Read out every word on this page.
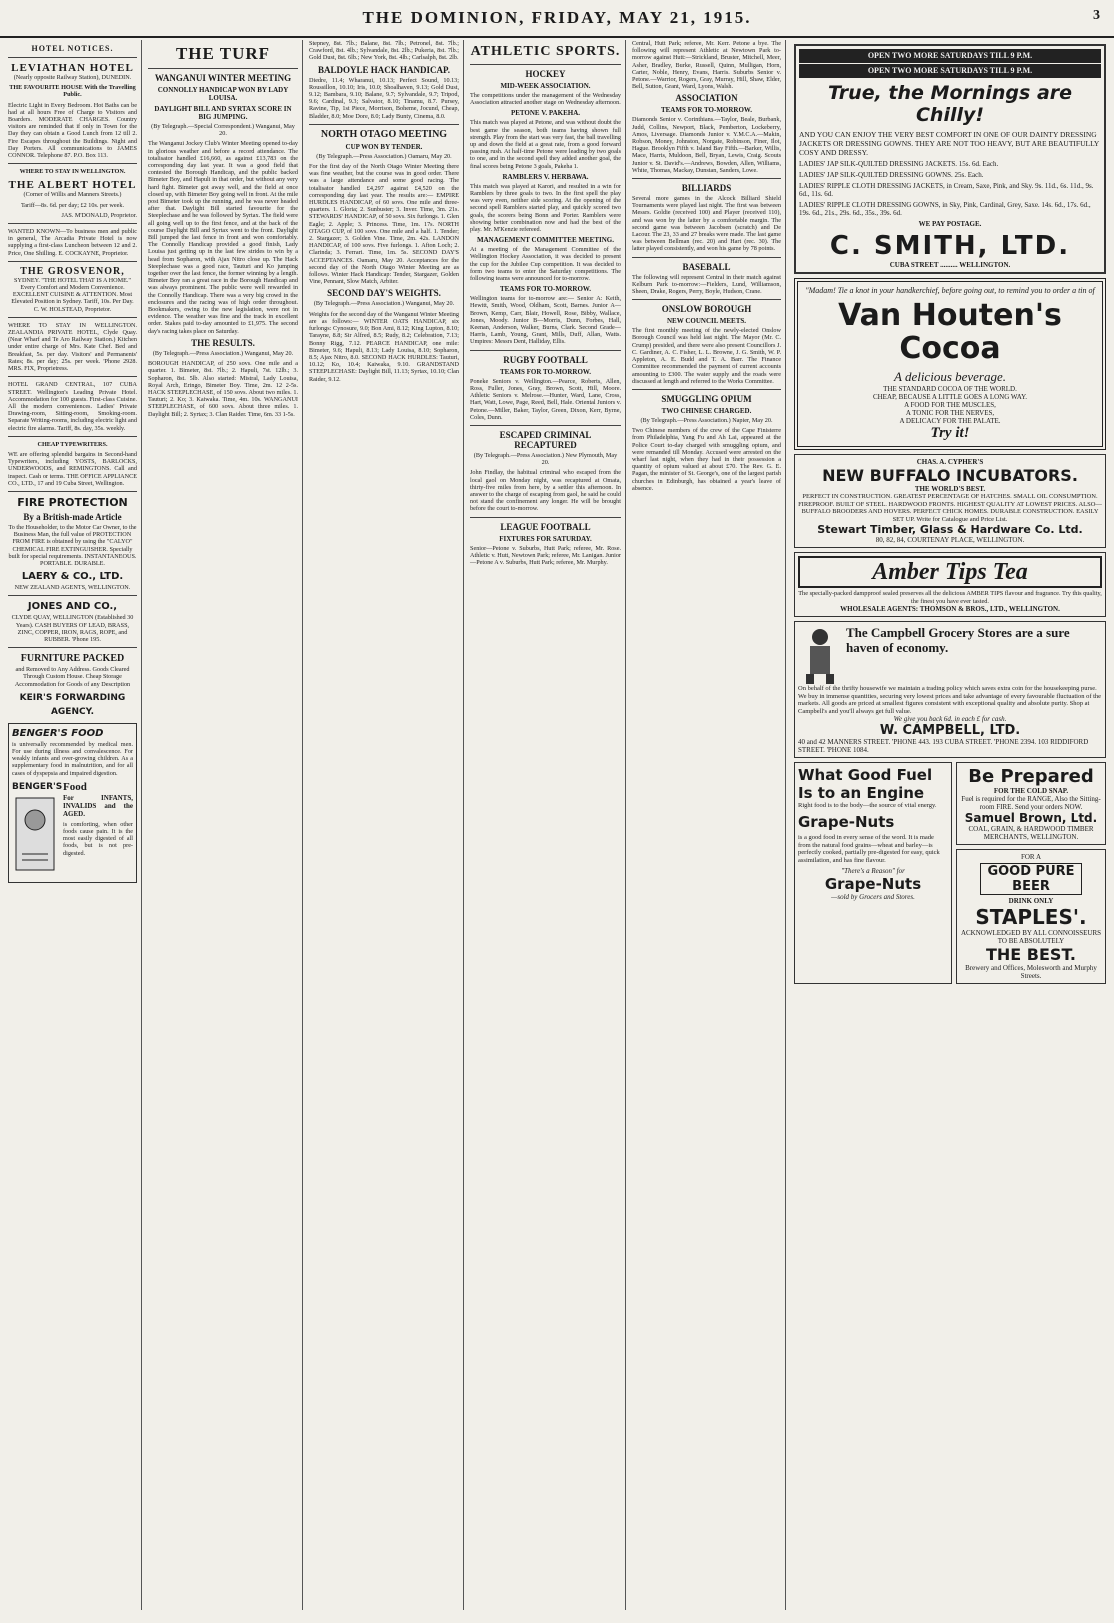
THE DOMINION, FRIDAY, MAY 21, 1915.	3
HOTEL NOTICES.
LEVIATHAN HOTEL
(Nearly opposite Railway Station), DUNEDIN.
THE FAVOURITE HOUSE With the Travelling Public.
Electric Light in Every Bedroom. Hot Baths can be had at all hours Free of Charge to Visitors and Boarders. MODERATE CHARGES. Country visitors are reminded that if only in Town for the Day they can obtain a Good Lunch from 12 till 2. Fire Escapes throughout the Buildings. Night and Day Porters. All communications to JAMES CONNOR. Telephone 87. P.O. Box 113.
WHERE TO STAY IN WELLINGTON.
THE ALBERT HOTEL
(Corner of Willis and Manners Streets.)
Tariff—8s. 6d. per day; £2 10s. per week.
JAS. M'DONALD, Proprietor.
WANTED KNOWN—To business men and public in general, The Arcadia Private Hotel is now supplying a first-class Luncheon between 12 and 2. Price, One Shilling. E. COCKAYNE, Proprietor.
THE GROSVENOR,
SYDNEY. "THE HOTEL THAT IS A HOME." Every Comfort and Modern Convenience. EXCELLENT CUISINE & ATTENTION. Most Elevated Position in Sydney. Tariff, 10s. Per Day. C. W. HOLSTEAD, Proprietor.
WHERE TO STAY IN WELLINGTON. ZEALANDIA PRIVATE HOTEL, Clyde Quay. (Near Wharf and Te Aro Railway Station.) Kitchen under entire charge of Mrs. Kate Chef. Bed and Breakfast, 5s. per day. Visitors' and Permanents' Rates; 8s. per day; 25s. per week. 'Phone 2928. MRS. FIX, Proprietress.
HOTEL GRAND CENTRAL, 107 CUBA STREET. Wellington's Leading Private Hotel. Accommodation for 100 guests. First-class Cuisine. All the modern conveniences. Ladies' Private Drawing-room, Sitting-room, Smoking-room. Separate Writing-rooms, including electric light and electric fire alarms. Tariff, 8s. day, 35s. weekly.
CHEAP TYPEWRITERS.
WE are offering splendid bargains in Second-hand Typewriters, including YOSTS, BARLOCKS, UNDERWOODS, and REMINGTONS. Call and inspect. Cash or terms. THE OFFICE APPLIANCE CO., LTD., 17 and 19 Cuba Street, Wellington.
FIRE PROTECTION
By a British-made Article
To the Householder, to the Motor Car Owner, to the Business Man, the full value of PROTECTION FROM FIRE is obtained by using the "CALYO" CHEMICAL FIRE EXTINGUISHER. Specially built for special requirements. INSTANTANEOUS. PORTABLE. DURABLE.
LAERY & CO., LTD.
NEW ZEALAND AGENTS, WELLINGTON.
JONES AND CO.,
CLYDE QUAY, WELLINGTON (Established 30 Years). CASH BUYERS OF LEAD, BRASS, ZINC, COPPER, IRON, RAGS, ROPE, and RUBBER. 'Phone 195.
FURNITURE PACKED
and Removed to Any Address. Goods Cleared Through Custom House. Cheap Storage Accommodation for Goods of any Description
KEIR'S FORWARDING AGENCY.
BENGER'S FOOD
is universally recommended by medical men. For use during illness and convalescence. For weakly infants and over-growing children. As a supplementary food in malnutrition, and for all cases of dyspepsia and impaired digestion.
BENGER'S Food
For INFANTS, INVALIDS and the AGED.
is comforting, when other foods cause pain. It is the most easily digested of all foods, but is not pre-digested.
THE TURF
WANGANUI WINTER MEETING
CONNOLLY HANDICAP WON BY LADY LOUISA.
DAYLIGHT BILL AND SYRTAX SCORE IN BIG JUMPING.
(By Telegraph.—Special Correspondent.) Wanganui, May 20.
The Wanganui Jockey Club's Winter Meeting opened to-day in glorious weather and before a record attendance. The totalisator handled £16,660, as against £13,783 on the corresponding day last year. It was a good field that contested the Borough Handicap, and the public backed Bimeter Boy, and Hapuli in that order, but without any very hard fight. Bimeter got away well, and the field at once closed up, with Bimeter Boy going well in front. At the mile post Bimeter took up the running, and he was never headed after that. Daylight Bill started favourite for the Steeplechase and he was followed by Syrtax. The field were all going well up to the first fence, and at the back of the course Daylight Bill and Syrtax went to the front. Daylight Bill jumped the last fence in front and won comfortably. The Connolly Handicap provided a good finish, Lady Louisa just getting up in the last few strides to win by a head from Sopharon, with Ajax Nitro close up. The Hack Steeplechase was a good race, Tauturi and Ko jumping together over the last fence, the former winning by a length. Bimeter Boy ran a great race in the Borough Handicap and was always prominent. The public were well rewarded in the Connolly Handicap. There was a very big crowd in the enclosures and the racing was of high order throughout. Bookmakers, owing to the new legislation, were not in evidence. The weather was fine and the track in excellent order. Stakes paid to-day amounted to £1,975. The second day's racing takes place on Saturday.
THE RESULTS.
(By Telegraph.—Press Association.) Wanganui, May 20.
BOROUGH HANDICAP, of 250 sovs. One mile and a quarter. 1. Bimeter, 8st. 7lb.; 2. Hapuli, 7st. 12lb.; 3. Sopharon, 8st. 5lb. Also started: Mistral, Lady Louisa, Royal Arch, Eringo, Bimeter Boy. Time, 2m. 12 2-5s. HACK STEEPLECHASE, of 150 sovs. About two miles. 1. Tauturi; 2. Ko; 3. Kaiwaka. Time, 4m. 10s. WANGANUI STEEPLECHASE, of 600 sovs. About three miles. 1. Daylight Bill; 2. Syrtax; 3. Clan Raider. Time, 6m. 33 1-5s.
Stepney, 8st. 7lb.; Balane, 8st. 7lb.; Petronel, 8st. 7lb.; Crawford, 8st. 4lb.; Sylvandale, 8st. 2lb.; Pukeria, 8st. 7lb.; Gold Dust, 8st. 6lb.; New York, 8st. 4lb.; Carlsalph, 8st. 2lb.
BALDOYLE HACK HANDICAP.
Diedre, 11.4; Wharanui, 10.13; Perfect Sound, 10.13; Roussillon, 10.10; Iris, 10.0; Shoalhaven, 9.13; Gold Dust, 9.12; Bambara, 9.10; Balane, 9.7; Sylvandale, 9.7; Tripod, 9.6; Cardinal, 9.3; Salvator, 8.10; Tinamu, 8.7. Pursey, Ravine, Tip, 1st Piece, Morrison, Boheme, Jocund, Cheap, Bladder, 8.0; Moe Dore, 8.0; Lady Bunty, Cinema, 8.0.
NORTH OTAGO MEETING
CUP WON BY TENDER.
(By Telegraph.—Press Association.) Oamaru, May 20.
For the first day of the North Otago Winter Meeting there was fine weather, but the course was in good order. There was a large attendance and some good racing. The totalisator handled £4,297 against £4,520 on the corresponding day last year. The results are:— EMPIRE HURDLES HANDICAP, of 60 sovs. One mile and three-quarters. 1. Gloria; 2. Sunbuster; 3. Inver. Time, 3m. 21s. STEWARDS' HANDICAP, of 50 sovs. Six furlongs. 1. Glen Eagle; 2. Apple; 3. Princess. Time, 1m. 17s. NORTH OTAGO CUP, of 100 sovs. One mile and a half. 1. Tender; 2. Stargazer; 3. Golden Vine. Time, 2m. 42s. LANDON HANDICAP, of 100 sovs. Five furlongs. 1. Afton Loch; 2. Clarinda; 3. Ferrari. Time, 1m. 5s. SECOND DAY'S ACCEPTANCES. Oamaru, May 20. Acceptances for the second day of the North Otago Winter Meeting are as follows. Winter Hack Handicap: Tender, Stargazer, Golden Vine, Pennant, Slow Match, Arbiter.
SECOND DAY'S WEIGHTS.
(By Telegraph.—Press Association.) Wanganui, May 20.
Weights for the second day of the Wanganui Winter Meeting are as follows:— WINTER OATS HANDICAP, six furlongs: Cynosure, 9.0; Bon Ami, 8.12; King Lupton, 8.10; Tarayne, 8.8; Sir Alfred, 8.5; Rudy, 8.2; Celebration, 7.13; Bonny Rigg, 7.12. PEARCE HANDICAP, one mile: Bimeter, 9.6; Hapuli, 8.13; Lady Louisa, 8.10; Sopharon, 8.5; Ajax Nitro, 8.0. SECOND HACK HURDLES: Tauturi, 10.12; Ko, 10.4; Kaiwaka, 9.10. GRANDSTAND STEEPLECHASE: Daylight Bill, 11.13; Syrtax, 10.10; Clan Raider, 9.12.
ATHLETIC SPORTS.
HOCKEY
MID-WEEK ASSOCIATION.
The competitions under the management of the Wednesday Association attracted another stage on Wednesday afternoon.
PETONE V. PAKEHA.
This match was played at Petone, and was without doubt the best game the season, both teams having shown full strength. Play from the start was very fast, the ball travelling up and down the field at a great rate, from a good forward passing rush. At half-time Petone were leading by two goals to one, and in the second spell they added another goal, the final scores being Petone 3 goals, Pakeha 1.
RAMBLERS V. HERBAWA.
This match was played at Karori, and resulted in a win for Ramblers by three goals to two. In the first spell the play was very even, neither side scoring. At the opening of the second spell Ramblers started play, and quickly scored two goals, the scorers being Bonn and Porter. Ramblers were showing better combination now and had the best of the play. Mr. M'Kenzie refereed.
MANAGEMENT COMMITTEE MEETING.
At a meeting of the Management Committee of the Wellington Hockey Association, it was decided to present the cup for the Jubilee Cup competition. It was decided to form two teams to enter the Saturday competitions. The following teams were announced for to-morrow.
TEAMS FOR TO-MORROW.
Wellington teams for to-morrow are:— Senior A: Keith, Hewitt, Smith, Wood, Oldham, Scott, Barnes. Junior A—Brown, Kemp, Carr, Blair, Howell, Rose, Bibby, Wallace, Jones, Moody. Junior B—Morris, Dunn, Forbes, Hall, Keenan, Anderson, Walker, Burns, Clark. Second Grade—Harris, Lamb, Young, Grant, Mills, Duff, Allan, Watts. Umpires: Messrs Dent, Halliday, Ellis.
RUGBY FOOTBALL
TEAMS FOR TO-MORROW.
Poneke Seniors v. Wellington.—Pearce, Roberts, Allen, Ross, Fuller, Jones, Gray, Brown, Scott, Hill, Moore. Athletic Seniors v. Melrose.—Hunter, Ward, Lane, Cross, Hart, Watt, Lowe, Page, Reed, Bell, Hale. Oriental Juniors v. Petone.—Miller, Baker, Taylor, Green, Dixon, Kerr, Byrne, Coles, Dunn.
ESCAPED CRIMINAL RECAPTURED
(By Telegraph.—Press Association.) New Plymouth, May 20.
John Findlay, the habitual criminal who escaped from the local gaol on Monday night, was recaptured at Omata, thirty-five miles from here, by a settler this afternoon. In answer to the charge of escaping from gaol, he said he could not stand the confinement any longer. He will be brought before the court to-morrow.
LEAGUE FOOTBALL
FIXTURES FOR SATURDAY.
Senior—Petone v. Suburbs, Hutt Park; referee, Mr. Rose. Athletic v. Hutt, Newtown Park; referee, Mr. Lanigan. Junior—Petone A v. Suburbs, Hutt Park; referee, Mr. Murphy.
Central, Hutt Park; referee, Mr. Kerr. Petone a bye. The following will represent Athletic at Newtown Park to-morrow against Hutt:—Strickland, Bruster, Mitchell, Meer, Asher, Bradley, Burke, Russell, Quinn, Mulligan, Horn, Carter, Noble, Henry, Evans, Harris. Suburbs Senior v. Petone.—Warrior, Rogers, Gray, Murray, Hill, Shaw, Elder, Bell, Sutton, Grant, Ward, Lyons, Walsh.
ASSOCIATION
TEAMS FOR TO-MORROW.
Diamonds Senior v. Corinthians.—Taylor, Beale, Burbank, Judd, Collins, Newport, Black, Pemberton, Lockeberry, Amos, Liversage. Diamonds Junior v. Y.M.C.A.—Makin, Robson, Money, Johnston, Norgate, Robinson, Finer, Ilot, Hague. Brooklyn Fifth v. Island Bay Fifth.—Barker, Willis, Mace, Harris, Muldoon, Bell, Bryan, Lewis, Craig. Scouts Junior v. St. David's.—Andrews, Bowden, Allen, Williams, White, Thomas, Mackay, Dunstan, Sanders, Lowe.
BILLIARDS
Several more games in the Alcock Billiard Shield Tournaments were played last night. The first was between Messrs. Goldie (received 100) and Player (received 110), and was won by the latter by a comfortable margin. The second game was between Jacobsen (scratch) and De Lacour. The 23, 33 and 27 breaks were made. The last game was between Bellman (rec. 20) and Hart (rec. 30). The latter played consistently, and won his game by 78 points.
BASEBALL
The following will represent Central in their match against Kelburn Park to-morrow:—Fielders, Lund, Williamson, Sheen, Drake, Rogers, Perry, Boyle, Hudson, Crane.
ONSLOW BOROUGH
NEW COUNCIL MEETS.
The first monthly meeting of the newly-elected Onslow Borough Council was held last night. The Mayor (Mr. C. Crump) presided, and there were also present Councillors J. C. Gardiner, A. C. Fisher, L. L. Browne, J. G. Smith, W. P. Appleton, A. E. Budd and T. A. Barr. The Finance Committee recommended the payment of current accounts amounting to £300. The water supply and the roads were discussed at length and referred to the Works Committee.
SMUGGLING OPIUM
TWO CHINESE CHARGED.
(By Telegraph.—Press Association.) Napier, May 20.
Two Chinese members of the crew of the Cape Finisterre from Philadelphia, Yang Fu and Ah Lai, appeared at the Police Court to-day charged with smuggling opium, and were remanded till Monday. Accused were arrested on the wharf last night, when they had in their possession a quantity of opium valued at about £70. The Rev. G. E. Pagan, the minister of St. George's, one of the largest parish churches in Edinburgh, has obtained a year's leave of absence.
OPEN TWO MORE SATURDAYS TILL 9 P.M.
OPEN TWO MORE SATURDAYS TILL 9 P.M.
True, the Mornings are Chilly!
AND YOU CAN ENJOY THE VERY BEST COMFORT IN ONE OF OUR DAINTY DRESSING JACKETS OR DRESSING GOWNS. THEY ARE NOT TOO HEAVY, BUT ARE BEAUTIFULLY COSY AND DRESSY.
LADIES' JAP SILK-QUILTED DRESSING JACKETS. 15s. 6d. Each.
LADIES' JAP SILK-QUILTED DRESSING GOWNS. 25s. Each.
LADIES' RIPPLE CLOTH DRESSING JACKETS, in Cream, Saxe, Pink, and Sky. 9s. 11d., 6s. 11d., 9s. 6d., 11s. 6d.
LADIES' RIPPLE CLOTH DRESSING GOWNS, in Sky, Pink, Cardinal, Grey, Saxe. 14s. 6d., 17s. 6d., 19s. 6d., 21s., 29s. 6d., 35s., 39s. 6d.
WE PAY POSTAGE.
C. SMITH, LTD.
CUBA STREET .......... WELLINGTON.
"Madam! Tie a knot in your handkerchief, before going out, to remind you to order a tin of
Van Houten's Cocoa
A delicious beverage.
THE STANDARD COCOA OF THE WORLD.
CHEAP, BECAUSE A LITTLE GOES A LONG WAY.
A FOOD FOR THE MUSCLES,
A TONIC FOR THE NERVES,
A DELICACY FOR THE PALATE.
Try it!
CHAS. A. CYPHER'S
NEW BUFFALO INCUBATORS.
THE WORLD'S BEST.
PERFECT IN CONSTRUCTION. GREATEST PERCENTAGE OF HATCHES. SMALL OIL CONSUMPTION. FIREPROOF. BUILT OF STEEL. HARDWOOD FRONTS. HIGHEST QUALITY AT LOWEST PRICES. ALSO—BUFFALO BROODERS AND HOVERS. PERFECT CHICK HOMES. DURABLE CONSTRUCTION. EASILY SET UP. Write for Catalogue and Price List.
Stewart Timber, Glass & Hardware Co. Ltd.
80, 82, 84, COURTENAY PLACE, WELLINGTON.
Amber Tips Tea
The specially-packed dampproof sealed preserves all the delicious AMBER TIPS flavour and fragrance. Try this quality, the finest you have ever tasted.
WHOLESALE AGENTS: THOMSON & BROS., LTD., WELLINGTON.
The Campbell Grocery Stores are a sure haven of economy.
On behalf of the thrifty housewife we maintain a trading policy which saves extra coin for the housekeeping purse. We buy in immense quantities, securing very lowest prices and take advantage of every favourable fluctuation of the markets. All goods are priced at smallest figures consistent with exceptional quality and absolute purity. Shop at Campbell's and you'll always get full value.
We give you back 6d. in each £ for cash.
W. CAMPBELL, LTD.
40 and 42 MANNERS STREET. 'PHONE 443. 193 CUBA STREET. 'PHONE 2394. 103 RIDDIFORD STREET. 'PHONE 1084.
What Good Fuel Is to an Engine
Right food is to the body—the source of vital energy.
Grape-Nuts
is a good food in every sense of the word. It is made from the natural food grains—wheat and barley—is perfectly cooked, partially pre-digested for easy, quick assimilation, and has fine flavour.
"There's a Reason" for
Grape-Nuts
—sold by Grocers and Stores.
Be Prepared
FOR THE COLD SNAP.
Fuel is required for the RANGE, Also the Sitting-room FIRE. Send your orders NOW.
Samuel Brown, Ltd.
COAL, GRAIN, & HARDWOOD TIMBER MERCHANTS, WELLINGTON.
FOR A
GOOD PURE BEER
DRINK ONLY
STAPLES'.
ACKNOWLEDGED BY ALL CONNOISSEURS TO BE ABSOLUTELY
THE BEST.
Brewery and Offices, Molesworth and Murphy Streets.
